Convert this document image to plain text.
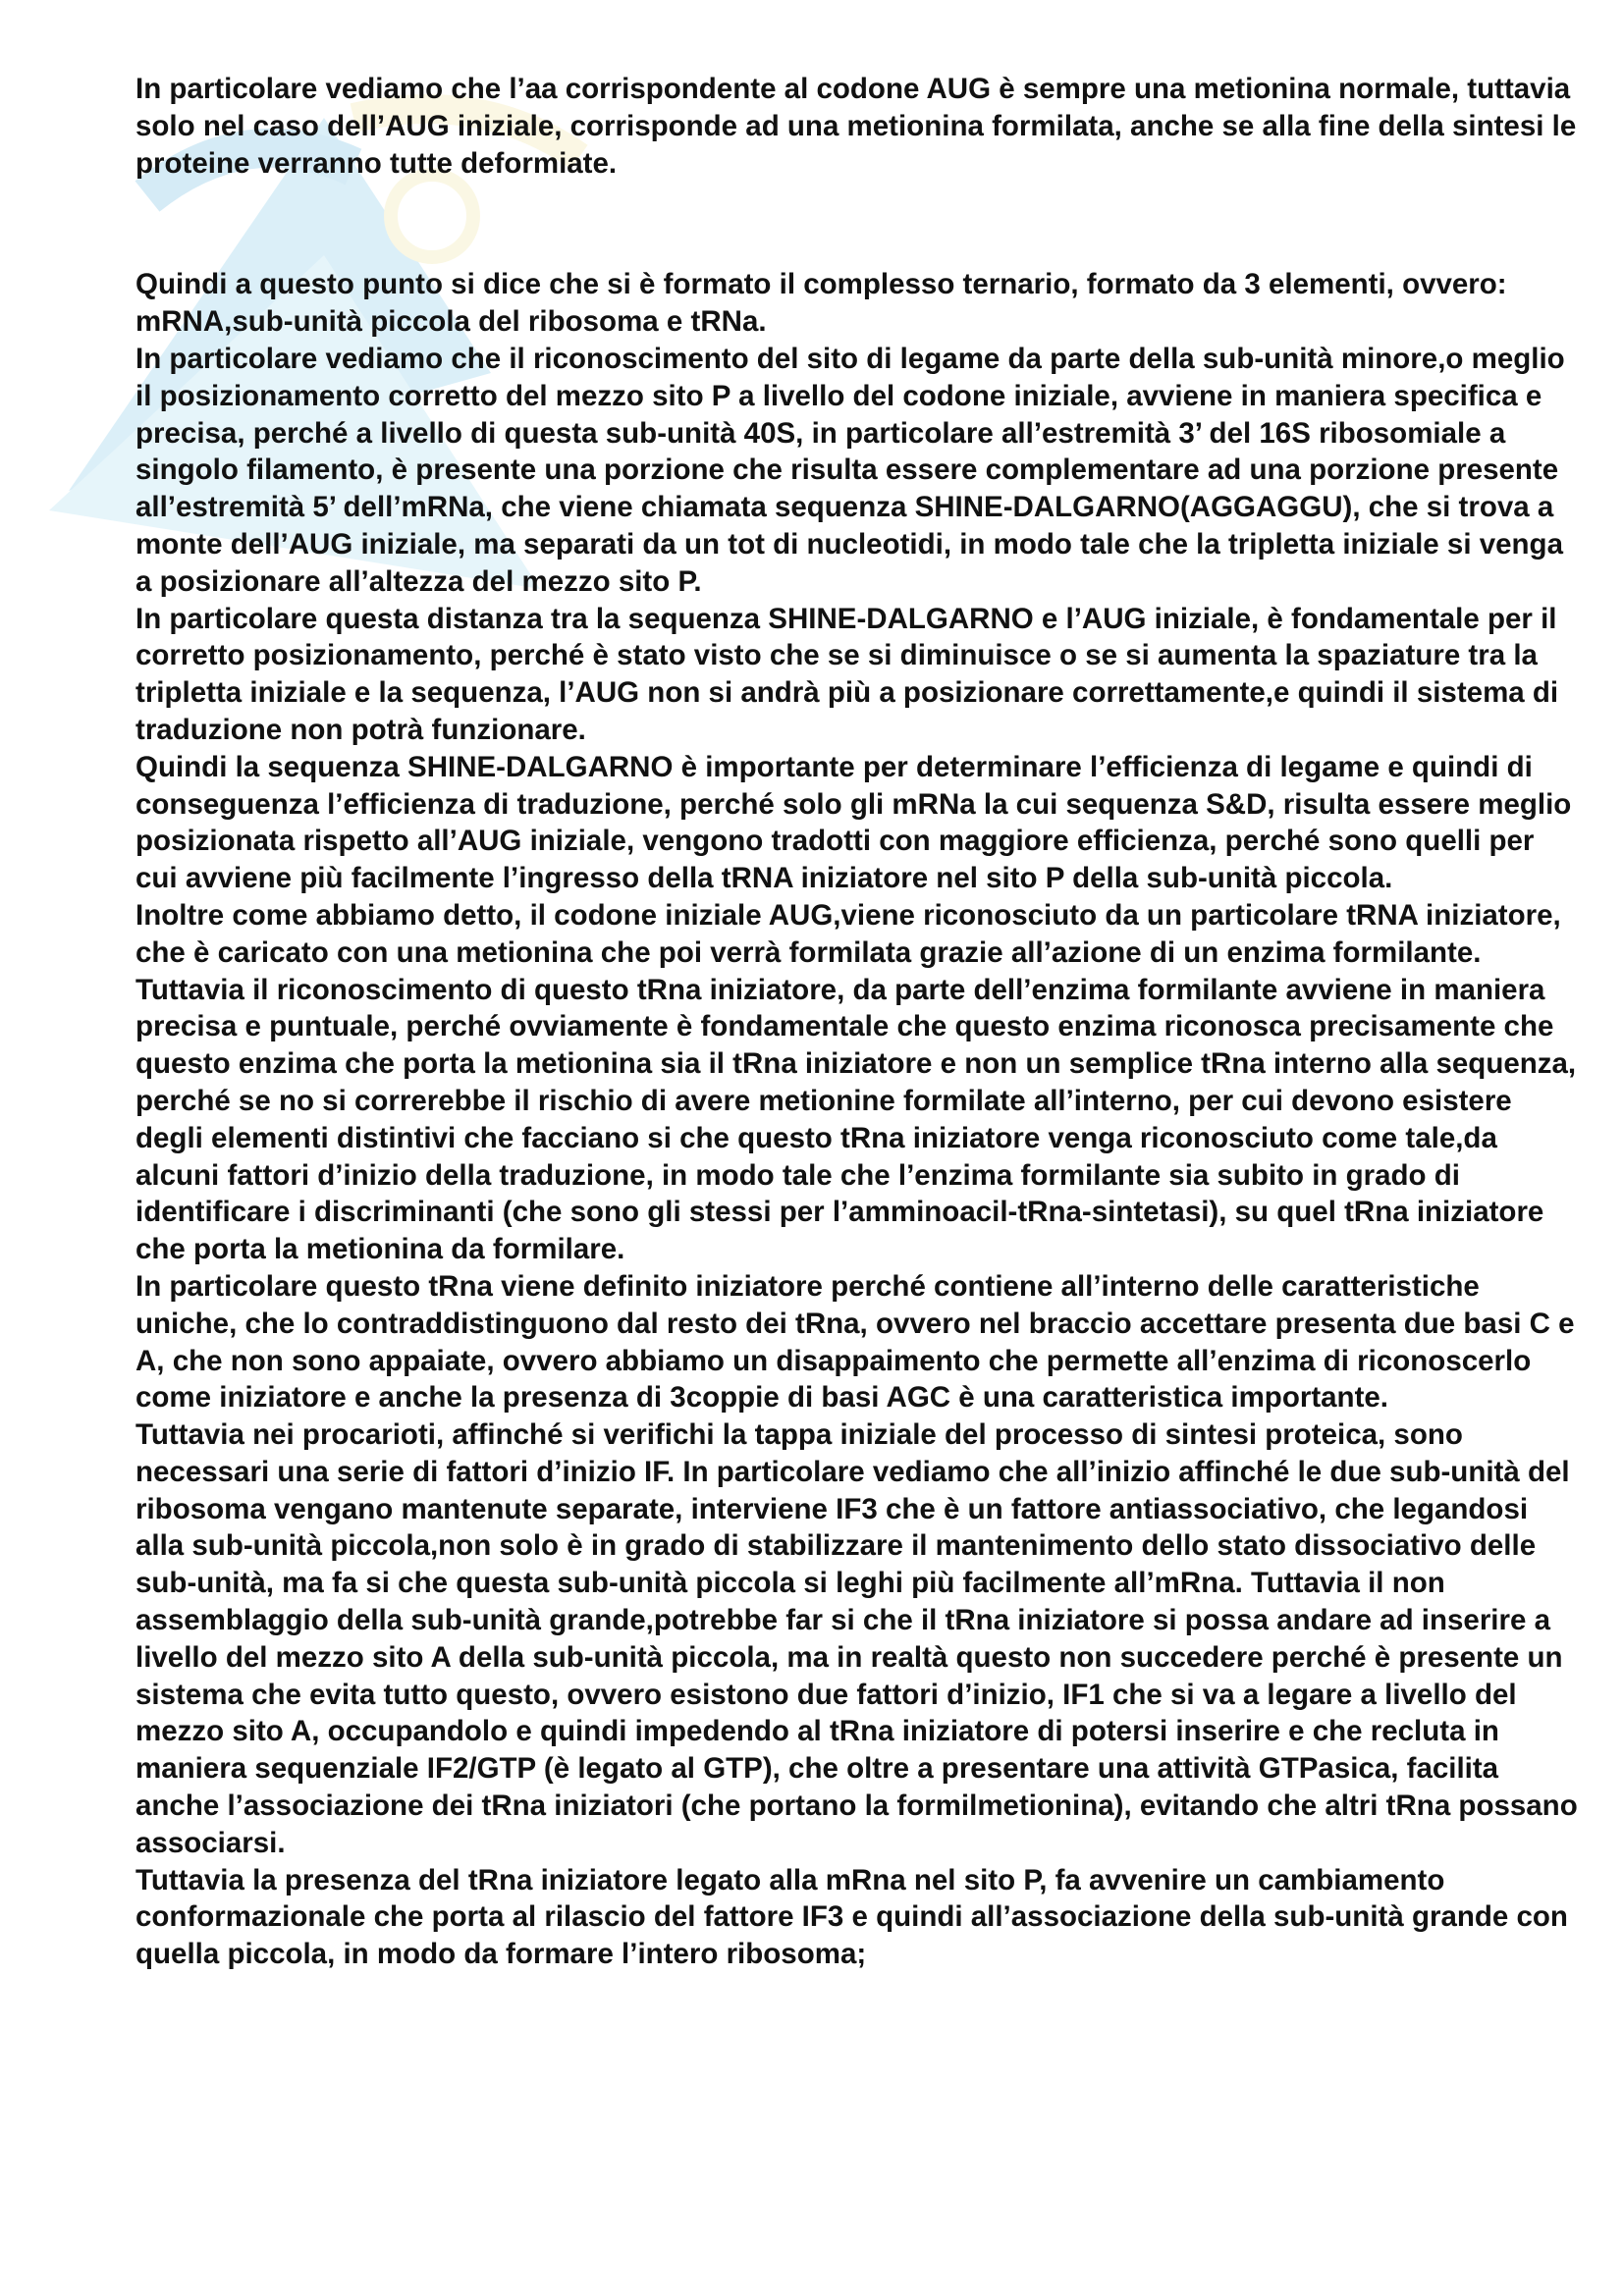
In particolare vediamo che l’aa corrispondente al codone AUG è sempre una metionina normale, tuttavia solo nel caso dell’AUG iniziale, corrisponde ad una metionina formilata, anche se alla fine della sintesi le proteine verranno tutte deformiate.

Quindi a questo punto si dice che si è formato il complesso ternario, formato da 3 elementi, ovvero: mRNA,sub-unità piccola del ribosoma e tRNa.

In particolare vediamo che il riconoscimento del sito di legame da parte della sub-unità minore,o meglio il posizionamento corretto del mezzo sito P a livello del codone iniziale, avviene in maniera specifica e precisa, perché a livello di questa sub-unità 40S, in particolare all’estremità 3’ del 16S ribosomiale a singolo filamento, è presente una porzione che risulta essere complementare ad una porzione presente all’estremità 5’ dell’mRNa, che viene chiamata sequenza SHINE-DALGARNO(AGGAGGU), che si trova a monte dell’AUG iniziale, ma separati da un tot di nucleotidi, in modo tale che la tripletta iniziale si venga a posizionare all’altezza del mezzo sito P.

In particolare questa distanza tra la sequenza SHINE-DALGARNO e l’AUG iniziale, è fondamentale per il corretto posizionamento, perché è stato visto che se si diminuisce o se si aumenta la spaziature tra la tripletta iniziale e la sequenza, l’AUG non si andrà più a posizionare correttamente,e quindi il sistema di traduzione non potrà funzionare.

Quindi la sequenza SHINE-DALGARNO è importante per determinare l’efficienza di legame e quindi di conseguenza l’efficienza di traduzione, perché solo gli mRNa la cui sequenza S&D, risulta essere meglio posizionata rispetto all’AUG iniziale, vengono tradotti con maggiore efficienza, perché sono quelli per cui avviene più facilmente l’ingresso della tRNA iniziatore nel sito P della sub-unità piccola.

Inoltre come abbiamo detto, il codone iniziale AUG,viene riconosciuto da un particolare tRNA iniziatore, che è caricato con una metionina che poi verrà formilata grazie all’azione di un enzima formilante. Tuttavia il riconoscimento di questo tRna iniziatore, da parte dell’enzima formilante avviene in maniera precisa e puntuale, perché ovviamente è fondamentale che questo enzima riconosca precisamente che questo enzima che porta la metionina sia il tRna iniziatore e non un semplice tRna interno alla sequenza, perché se no si correrebbe il rischio di avere metionine formilate all’interno, per cui devono esistere degli elementi distintivi che facciano si che questo tRna iniziatore venga riconosciuto come tale,da alcuni fattori d’inizio della traduzione, in modo tale che l’enzima formilante sia subito in grado di identificare i discriminanti (che sono gli stessi per l’amminoacil-tRna-sintetasi), su quel tRna iniziatore che porta la metionina da formilare.

In particolare questo tRna viene definito iniziatore perché contiene all’interno delle caratteristiche uniche, che lo contraddistinguono dal resto dei tRna, ovvero nel braccio accettare presenta due basi C e A, che non sono appaiate, ovvero abbiamo un disappaimento che permette all’enzima di riconoscerlo come iniziatore e anche la presenza di 3coppie di basi AGC è una caratteristica importante.

Tuttavia nei procarioti, affinché si verifichi la tappa iniziale del processo di sintesi proteica, sono necessari una serie di fattori d’inizio IF. In particolare vediamo che all’inizio affinché le due sub-unità del ribosoma vengano mantenute separate, interviene IF3 che è un fattore antiassociativo, che legandosi alla sub-unità piccola,non solo è in grado di stabilizzare il mantenimento dello stato dissociativo delle sub-unità, ma fa si che questa sub-unità piccola si leghi più facilmente all’mRna. Tuttavia il non assemblaggio della sub-unità grande,potrebbe far si che il tRna iniziatore si possa andare ad inserire a livello del mezzo sito A della sub-unità piccola, ma in realtà questo non succedere perché è presente un sistema che evita tutto questo, ovvero esistono due fattori d’inizio, IF1 che si va a legare a livello del mezzo sito A, occupandolo e quindi impedendo al tRna iniziatore di potersi inserire e che recluta in maniera sequenziale IF2/GTP (è legato al GTP), che oltre a presentare una attività GTPasica, facilita anche l’associazione dei tRna iniziatori (che portano la formilmetionina), evitando che altri tRna possano associarsi.

Tuttavia la presenza del tRna iniziatore legato alla mRna nel sito P, fa avvenire un cambiamento conformazionale che porta al rilascio del fattore IF3 e quindi all’associazione della sub-unità grande con quella piccola, in modo da formare l’intero ribosoma;
